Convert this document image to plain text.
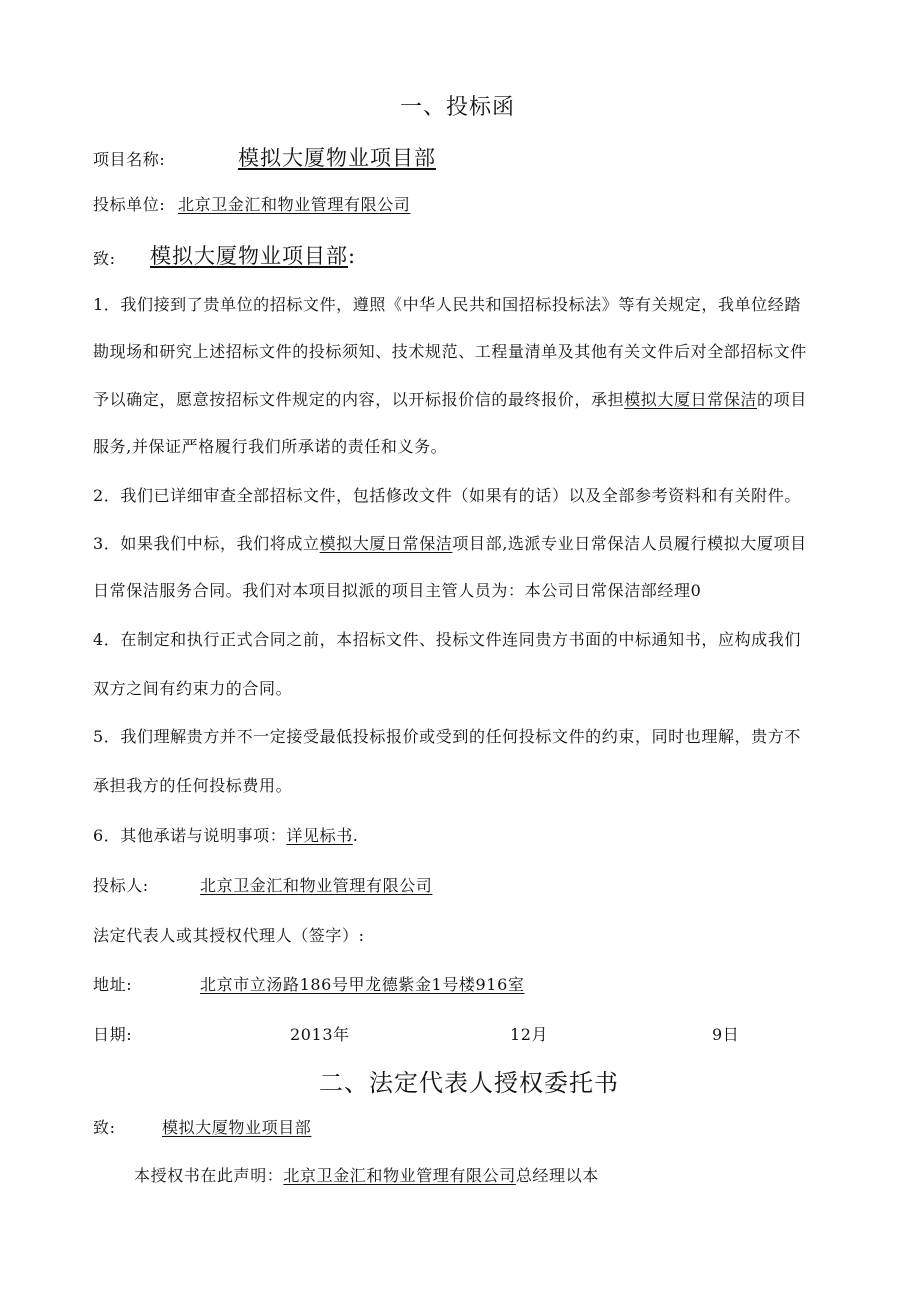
一、投标函
项目名称:	模拟大厦物业项目部
投标单位: 北京卫金汇和物业管理有限公司
致: 模拟大厦物业项目部:
1．我们接到了贵单位的招标文件，遵照《中华人民共和国招标投标法》等有关规定，我单位经踏
勘现场和研究上述招标文件的投标须知、技术规范、工程量清单及其他有关文件后对全部招标文件
予以确定，愿意按招标文件规定的内容，以开标报价信的最终报价，承担模拟大厦日常保洁的项目
服务,并保证严格履行我们所承诺的责任和义务。
2．我们已详细审查全部招标文件，包括修改文件（如果有的话）以及全部参考资料和有关附件。
3．如果我们中标，我们将成立模拟大厦日常保洁项目部,选派专业日常保洁人员履行模拟大厦项目
日常保洁服务合同。我们对本项目拟派的项目主管人员为：本公司日常保洁部经理0
4．在制定和执行正式合同之前，本招标文件、投标文件连同贵方书面的中标通知书，应构成我们
双方之间有约束力的合同。
5．我们理解贵方并不一定接受最低投标报价或受到的任何投标文件的约束，同时也理解，贵方不
承担我方的任何投标费用。
6．其他承诺与说明事项：详见标书.
投标人:	北京卫金汇和物业管理有限公司
法定代表人或其授权代理人（签字）:
地址:	北京市立汤路186号甲龙德紫金1号楼916室
日期:	2013年	12月	9日
二、法定代表人授权委托书
致:	模拟大厦物业项目部
本授权书在此声明：北京卫金汇和物业管理有限公司总经理以本
